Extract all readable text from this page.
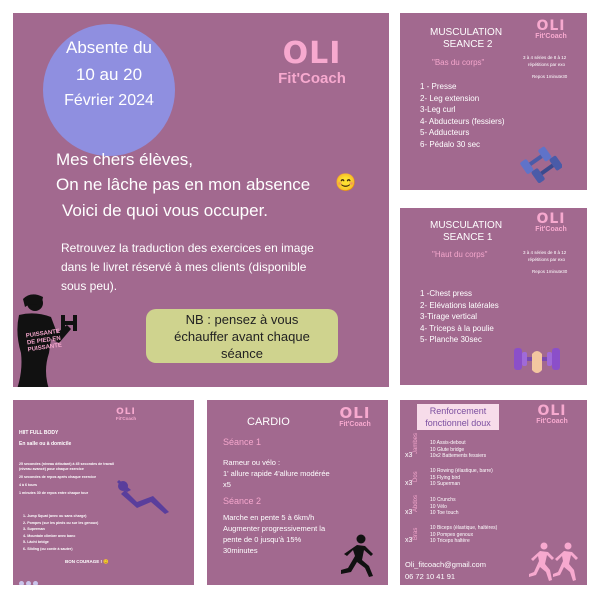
Absente du
10 au 20
Février 2024
OLI
Fit'Coach
Mes chers élèves,
On ne lâche pas en mon absence 😊
Voici de quoi vous occuper.
Retrouvez la traduction des exercices en image
dans le livret réservé à mes clients (disponible
sous peu).
NB : pensez à vous
échauffer avant chaque
séance
PUISSANTE DE PIED EN PUISSANTE
MUSCULATION
SEANCE 2
"Bas du corps"
OLI
Fit'Coach
3 à 4 séries de 8 à 12
répétitions par exo
Repos 1minute30
1 - Presse
2- Leg extension
3-Leg curl
4- Abducteurs (fessiers)
5- Adducteurs
6- Pédalo 30 sec
MUSCULATION
SEANCE 1
"Haut du corps"
OLI
Fit'Coach
3 à 4 séries de 8 à 12
répétitions par exo
Repos 1minute30
1 -Chest press
2- Elévations latérales
3-Tirage vertical
4- Triceps à la poulie
5- Planche 30sec
OLI
Fit'Coach
HIIT FULL BODY
En salle ou à domicile
25 secondes (niveau débutant) à 45 secondes de travail
(niveau avancé) pour chaque exercice
20 secondes de repos après chaque exercice
4 à 6 tours
1 minutes 30 de repos entre chaque tour
1- Jump Squat (avec ou sans charge)
2- Pompes (sur les pieds ou sur les genoux)
3- Superman
4- Mountain climber avec banc
5- Lâcht bridge
6- Sliding (ou corde à sauter)
BON COURAGE ! 😊
CARDIO	OLI
Fit'Coach
Séance 1
Rameur ou vélo :
1' allure rapide 4'allure modérée
x5
Séance 2
Marche en pente 5 à 6km/h
Augmenter progressivement la
pente de 0 jusqu'à 15%
30minutes
Renforcement
fonctionnel doux
OLI
Fit'Coach
x3
Jambes 10 Assis-debout
10 Glute bridge
10x2 Battements fessiers
x3
Dos
10 Rowing (élastique, barre)
15 Flying bird
10 Superman
x3
Abdos 10 Crunchs
10 Vélo
10 Toe touch
x3
Bras 10 Biceps (élastique, haltères)
10 Pompes genoux
10 Triceps haltère
Oli_fitcoach@gmail.com
06 72 10 41 91
